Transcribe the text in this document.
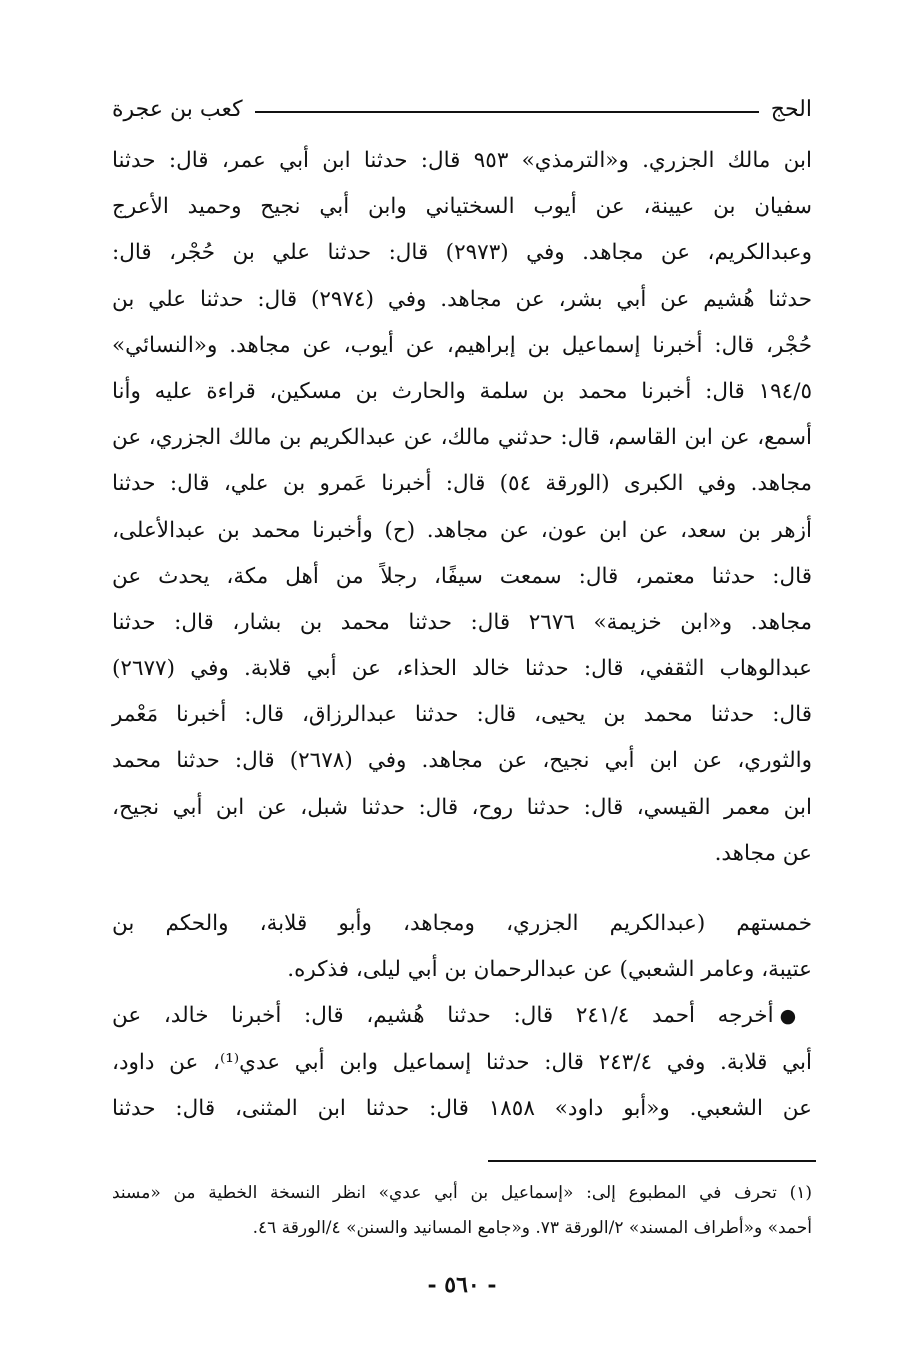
الحج
كعب بن عجرة
ابن مالك الجزري. و«الترمذي» ٩٥٣ قال: حدثنا ابن أبي عمر، قال: حدثنا
سفيان بن عيينة، عن أيوب السختياني وابن أبي نجيح وحميد الأعرج
وعبدالكريم، عن مجاهد. وفي (٢٩٧٣) قال: حدثنا علي بن حُجْر، قال:
حدثنا هُشيم عن أبي بشر، عن مجاهد. وفي (٢٩٧٤) قال: حدثنا علي بن
حُجْر، قال: أخبرنا إسماعيل بن إبراهيم، عن أيوب، عن مجاهد. و«النسائي»
١٩٤/٥ قال: أخبرنا محمد بن سلمة والحارث بن مسكين، قراءة عليه وأنا
أسمع، عن ابن القاسم، قال: حدثني مالك، عن عبدالكريم بن مالك الجزري، عن
مجاهد. وفي الكبرى (الورقة ٥٤) قال: أخبرنا عَمرو بن علي، قال: حدثنا
أزهر بن سعد، عن ابن عون، عن مجاهد. (ح) وأخبرنا محمد بن عبدالأعلى،
قال: حدثنا معتمر، قال: سمعت سيفًا، رجلاً من أهل مكة، يحدث عن
مجاهد. و«ابن خزيمة» ٢٦٧٦ قال: حدثنا محمد بن بشار، قال: حدثنا
عبدالوهاب الثقفي، قال: حدثنا خالد الحذاء، عن أبي قلابة. وفي (٢٦٧٧)
قال: حدثنا محمد بن يحيى، قال: حدثنا عبدالرزاق، قال: أخبرنا مَعْمر
والثوري، عن ابن أبي نجيح، عن مجاهد. وفي (٢٦٧٨) قال: حدثنا محمد
ابن معمر القيسي، قال: حدثنا روح، قال: حدثنا شبل، عن ابن أبي نجيح،
عن مجاهد.
خمستهم (عبدالكريم الجزري، ومجاهد، وأبو قلابة، والحكم بن
عتيبة، وعامر الشعبي) عن عبدالرحمان بن أبي ليلى، فذكره.
●أخرجه أحمد ٢٤١/٤ قال: حدثنا هُشيم، قال: أخبرنا خالد، عن
أبي قلابة. وفي ٢٤٣/٤ قال: حدثنا إسماعيل وابن أبي عدي⁽¹⁾، عن داود،
عن الشعبي. و«أبو داود» ١٨٥٨ قال: حدثنا ابن المثنى، قال: حدثنا
(١) تحرف في المطبوع إلى: «إسماعيل بن أبي عدي» انظر النسخة الخطية من «مسند
أحمد» و«أطراف المسند» ٢/الورقة ٧٣. و«جامع المسانيد والسنن» ٤/الورقة ٤٦.
- ٥٦٠ -
